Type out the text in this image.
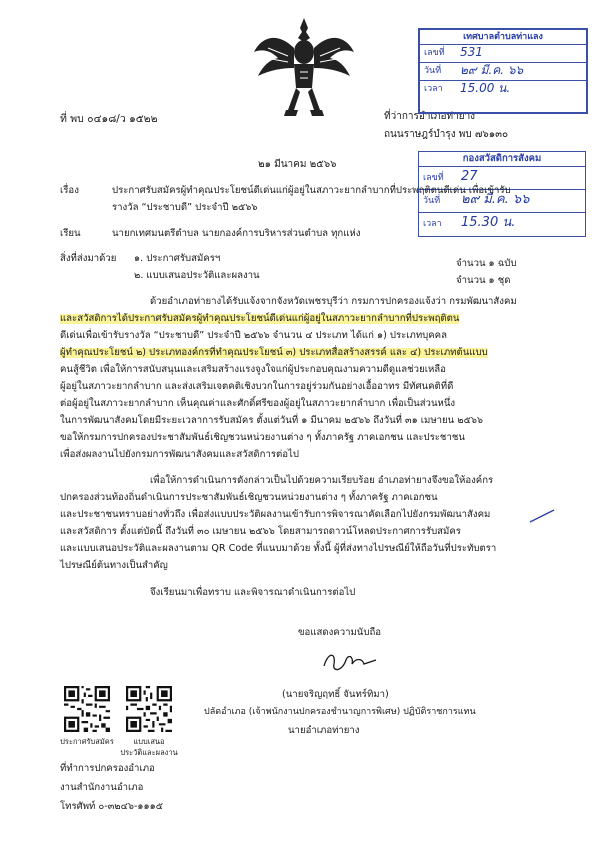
ที่ พบ ๐๔๑๘/ว ๑๕๒๒	ที่ว่าการอำเภอท่ายาง
ถนนราษฎร์บำรุง พบ ๗๖๑๓๐
๒๑ มีนาคม ๒๕๖๖
เทศบาลตำบลท่าแลง
เลขที่ 531
วันที่ ๒๙ มี.ค. ๖๖
เวลา 15.00 น.
กองสวัสดิการสังคม
เลขที่ 27
วันที่ ๒๙ มี.ค. ๖๖
เวลา 15.30 น.
เรื่อง	ประกาศรับสมัครผู้ทำคุณประโยชน์ดีเด่นแก่ผู้อยู่ในสภาวะยากลำบากที่ประพฤติตนดีเด่น เพื่อเข้ารับ
รางวัล “ประชาบดี” ประจำปี ๒๕๖๖
เรียน	นายกเทศมนตรีตำบล นายกองค์การบริหารส่วนตำบล ทุกแห่ง
สิ่งที่ส่งมาด้วย ๑. ประกาศรับสมัครฯ	จำนวน ๑ ฉบับ
๒. แบบเสนอประวัติและผลงาน	จำนวน ๑ ชุด
ด้วยอำเภอท่ายางได้รับแจ้งจากจังหวัดเพชรบุรีว่า กรมการปกครองแจ้งว่า กรมพัฒนาสังคม
และสวัสดิการได้ประกาศรับสมัครผู้ทำคุณประโยชน์ดีเด่นแก่ผู้อยู่ในสภาวะยากลำบากที่ประพฤติตน
ดีเด่นเพื่อเข้ารับรางวัล “ประชาบดี” ประจำปี ๒๕๖๖ จำนวน ๔ ประเภท ได้แก่ ๑) ประเภทบุคคล
ผู้ทำคุณประโยชน์ ๒) ประเภทองค์กรที่ทำคุณประโยชน์ ๓) ประเภทสื่อสร้างสรรค์ และ ๔) ประเภทต้นแบบ
คนสู้ชีวิต เพื่อให้การสนับสนุนและเสริมสร้างแรงจูงใจแก่ผู้ประกอบคุณงามความดีดูแลช่วยเหลือ
ผู้อยู่ในสภาวะยากลำบาก และส่งเสริมเจตคติเชิงบวกในการอยู่ร่วมกันอย่างเอื้ออาทร มีทัศนคติที่ดี
ต่อผู้อยู่ในสภาวะยากลำบาก เห็นคุณค่าและศักดิ์ศรีของผู้อยู่ในสภาวะยากลำบาก เพื่อเป็นส่วนหนึ่ง
ในการพัฒนาสังคมโดยมีระยะเวลาการรับสมัคร ตั้งแต่วันที่ ๑ มีนาคม ๒๕๖๖ ถึงวันที่ ๓๑ เมษายน ๒๕๖๖
ขอให้กรมการปกครองประชาสัมพันธ์เชิญชวนหน่วยงานต่าง ๆ ทั้งภาครัฐ ภาคเอกชน และประชาชน
เพื่อส่งผลงานไปยังกรมการพัฒนาสังคมและสวัสดิการต่อไป
เพื่อให้การดำเนินการดังกล่าวเป็นไปด้วยความเรียบร้อย อำเภอท่ายางจึงขอให้องค์กร
ปกครองส่วนท้องถิ่นดำเนินการประชาสัมพันธ์เชิญชวนหน่วยงานต่าง ๆ ทั้งภาครัฐ ภาคเอกชน
และประชาชนทราบอย่างทั่วถึง เพื่อส่งแบบประวัติผลงานเข้ารับการพิจารณาคัดเลือกไปยังกรมพัฒนาสังคม
และสวัสดิการ ตั้งแต่บัดนี้ ถึงวันที่ ๓๐ เมษายน ๒๕๖๖ โดยสามารถดาวน์โหลดประกาศการรับสมัคร
และแบบเสนอประวัติและผลงานตาม QR Code ที่แนบมาด้วย ทั้งนี้ ผู้ที่ส่งทางไปรษณีย์ให้ถือวันที่ประทับตรา
ไปรษณีย์ต้นทางเป็นสำคัญ
จึงเรียนมาเพื่อทราบ และพิจารณาดำเนินการต่อไป
ขอแสดงความนับถือ
(นายจริญฤทธิ์ จันทร์ทิมา)
ปลัดอำเภอ (เจ้าพนักงานปกครองชำนาญการพิเศษ) ปฏิบัติราชการแทน
นายอำเภอท่ายาง
ประกาศรับสมัคร	แบบเสนอ
ประวัติและผลงาน
ที่ทำการปกครองอำเภอ
งานสำนักงานอำเภอ
โทรศัพท์ ๐-๓๒๔๖-๑๑๑๕
